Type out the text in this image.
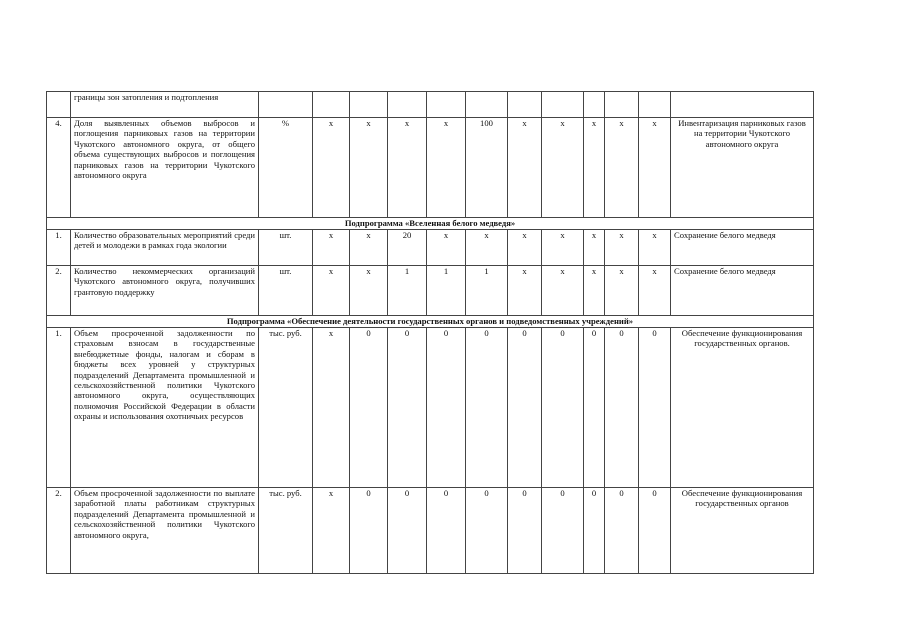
	границы зон затопления и подтопления												
4.	Доля выявленных объемов выбросов и поглощения парниковых газов на территории Чукотского автономного округа, от общего объема существующих выбросов и поглощения парниковых газов на территории Чукотского автономного округа	%	х	х	х	х	100	х	х	х	х	х	Инвентаризация парниковых газов на территории Чукотского автономного округа
Подпрограмма «Вселенная белого медведя»													
1.	Количество образовательных мероприятий среди детей и молодежи в рамках года экологии	шт.	х	х	20	х	х	х	х	х	х	х	Сохранение белого медведя
2.	Количество некоммерческих организаций Чукотского автономного округа, получивших грантовую поддержку	шт.	х	х	1	1	1	х	х	х	х	х	Сохранение белого медведя
Подпрограмма «Обеспечение деятельности государственных органов и подведомственных учреждений»													
1.	Объем просроченной задолженности по страховым взносам в государственные внебюджетные фонды, налогам и сборам в бюджеты всех уровней у структурных подразделений Департамента промышленной и сельскохозяйственной политики Чукотского автономного округа, осуществляющих полномочия Российской Федерации в области охраны и использования охотничьих ресурсов	тыс. руб.	х	0	0	0	0	0	0	0	0	0	Обеспечение функционирования государственных органов.
2.	Объем просроченной задолженности по выплате заработной платы работникам структурных подразделений Департамента промышленной и сельскохозяйственной политики Чукотского автономного округа,	тыс. руб.	х	0	0	0	0	0	0	0	0	0	Обеспечение функционирования государственных органов
